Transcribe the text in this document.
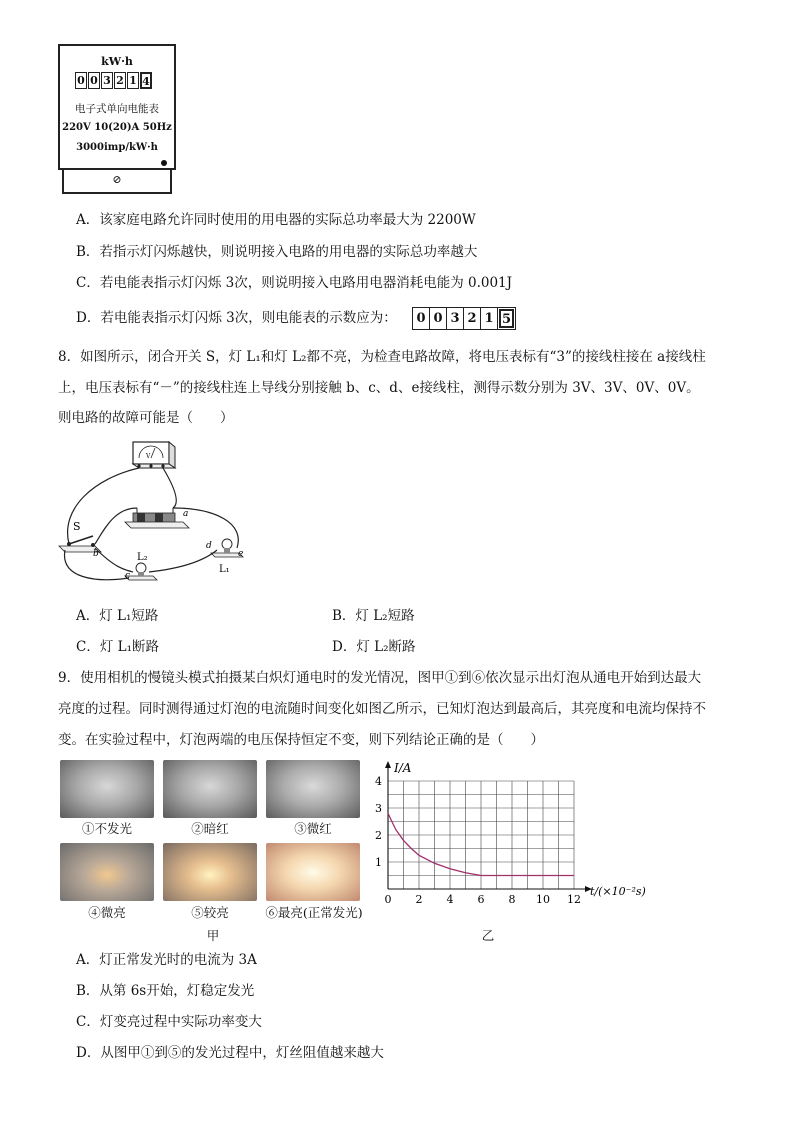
kW·h
0 0 3 2 1 4
电子式单向电能表
220V 10(20)A 50Hz
3000imp/kW·h
⊘
A．该家庭电路允许同时使用的用电器的实际总功率最大为 2200W
B．若指示灯闪烁越快，则说明接入电路的用电器的实际总功率越大
C．若电能表指示灯闪烁 3次，则说明接入电路用电器消耗电能为 0.001J
D．若电能表指示灯闪烁 3次，则电能表的示数应为： 0 0 3 2 1 5
8．如图所示，闭合开关 S，灯 L₁和灯 L₂都不亮，为检查电路故障，将电压表标有“3”的接线柱接在 a接线柱
上，电压表标有“－”的接线柱连上导线分别接触 b、c、d、e接线柱，测得示数分别为 3V、3V、0V、0V。
则电路的故障可能是（　　）
V
S
a
b
c
d
e
L₂
L₁
A．灯 L₁短路	B．灯 L₂短路
C．灯 L₁断路	D．灯 L₂断路
9．使用相机的慢镜头模式拍摄某白炽灯通电时的发光情况，图甲①到⑥依次显示出灯泡从通电开始到达最大
亮度的过程。同时测得通过灯泡的电流随时间变化如图乙所示，已知灯泡达到最高后，其亮度和电流均保持不
变。在实验过程中，灯泡两端的电压保持恒定不变，则下列结论正确的是（　　）
①不发光	②暗红	③微红
④微亮	⑤较亮	⑥最亮(正常发光)
甲	乙
0 2 4 6 8 10 12
1
2
3
4
I/A
t/(×10⁻²s)
A．灯正常发光时的电流为 3A
B．从第 6s开始，灯稳定发光
C．灯变亮过程中实际功率变大
D．从图甲①到⑤的发光过程中，灯丝阻值越来越大
